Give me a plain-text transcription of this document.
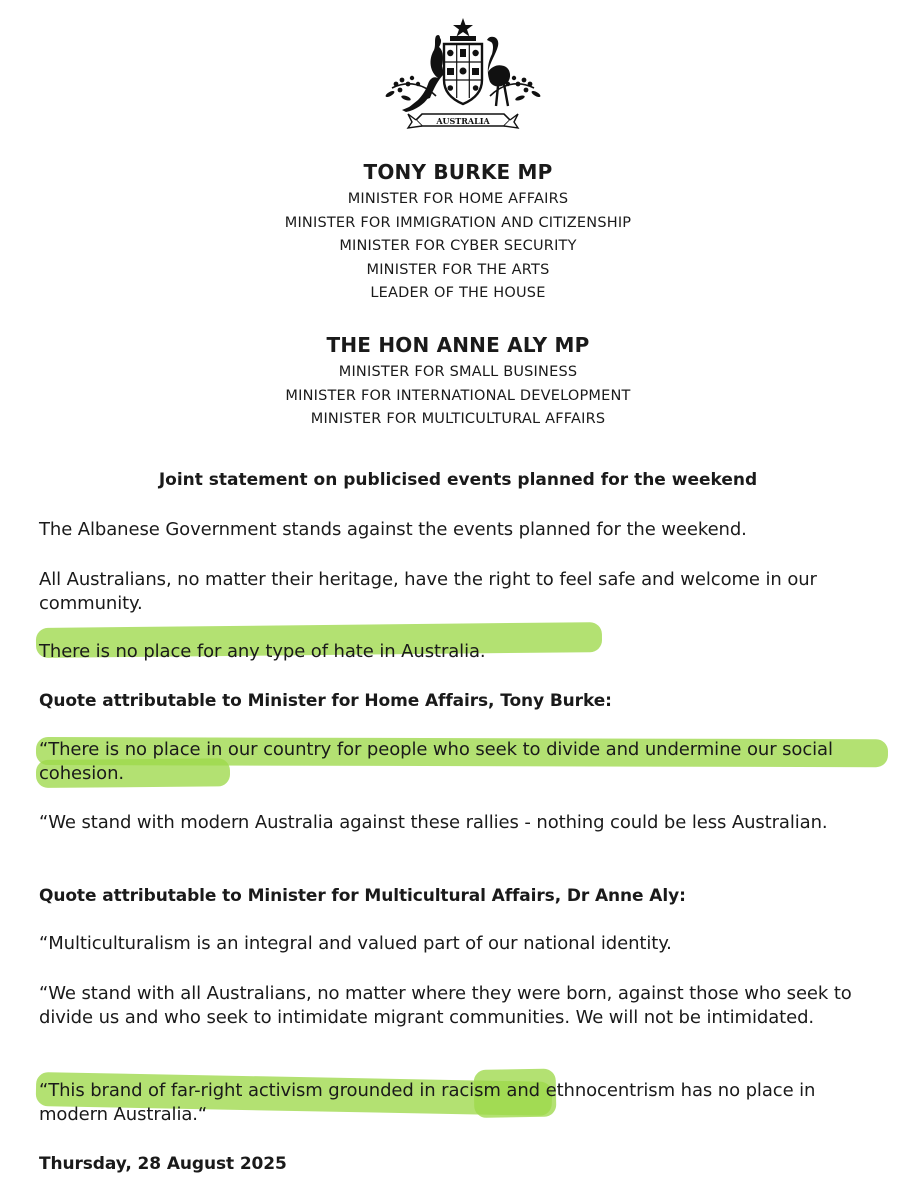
AUSTRALIA
TONY BURKE MP
MINISTER FOR HOME AFFAIRS
MINISTER FOR IMMIGRATION AND CITIZENSHIP
MINISTER FOR CYBER SECURITY
MINISTER FOR THE ARTS
LEADER OF THE HOUSE
THE HON ANNE ALY MP
MINISTER FOR SMALL BUSINESS
MINISTER FOR INTERNATIONAL DEVELOPMENT
MINISTER FOR MULTICULTURAL AFFAIRS
Joint statement on publicised events planned for the weekend

The Albanese Government stands against the events planned for the weekend.

All Australians, no matter their heritage, have the right to feel safe and welcome in our community.

There is no place for any type of hate in Australia.

Quote attributable to Minister for Home Affairs, Tony Burke:

“There is no place in our country for people who seek to divide and undermine our social cohesion.

“We stand with modern Australia against these rallies - nothing could be less Australian.

Quote attributable to Minister for Multicultural Affairs, Dr Anne Aly:

“Multiculturalism is an integral and valued part of our national identity.

“We stand with all Australians, no matter where they were born, against those who seek to divide us and who seek to intimidate migrant communities. We will not be intimidated.

“This brand of far-right activism grounded in racism and ethnocentrism has no place in modern Australia.“

Thursday, 28 August 2025
